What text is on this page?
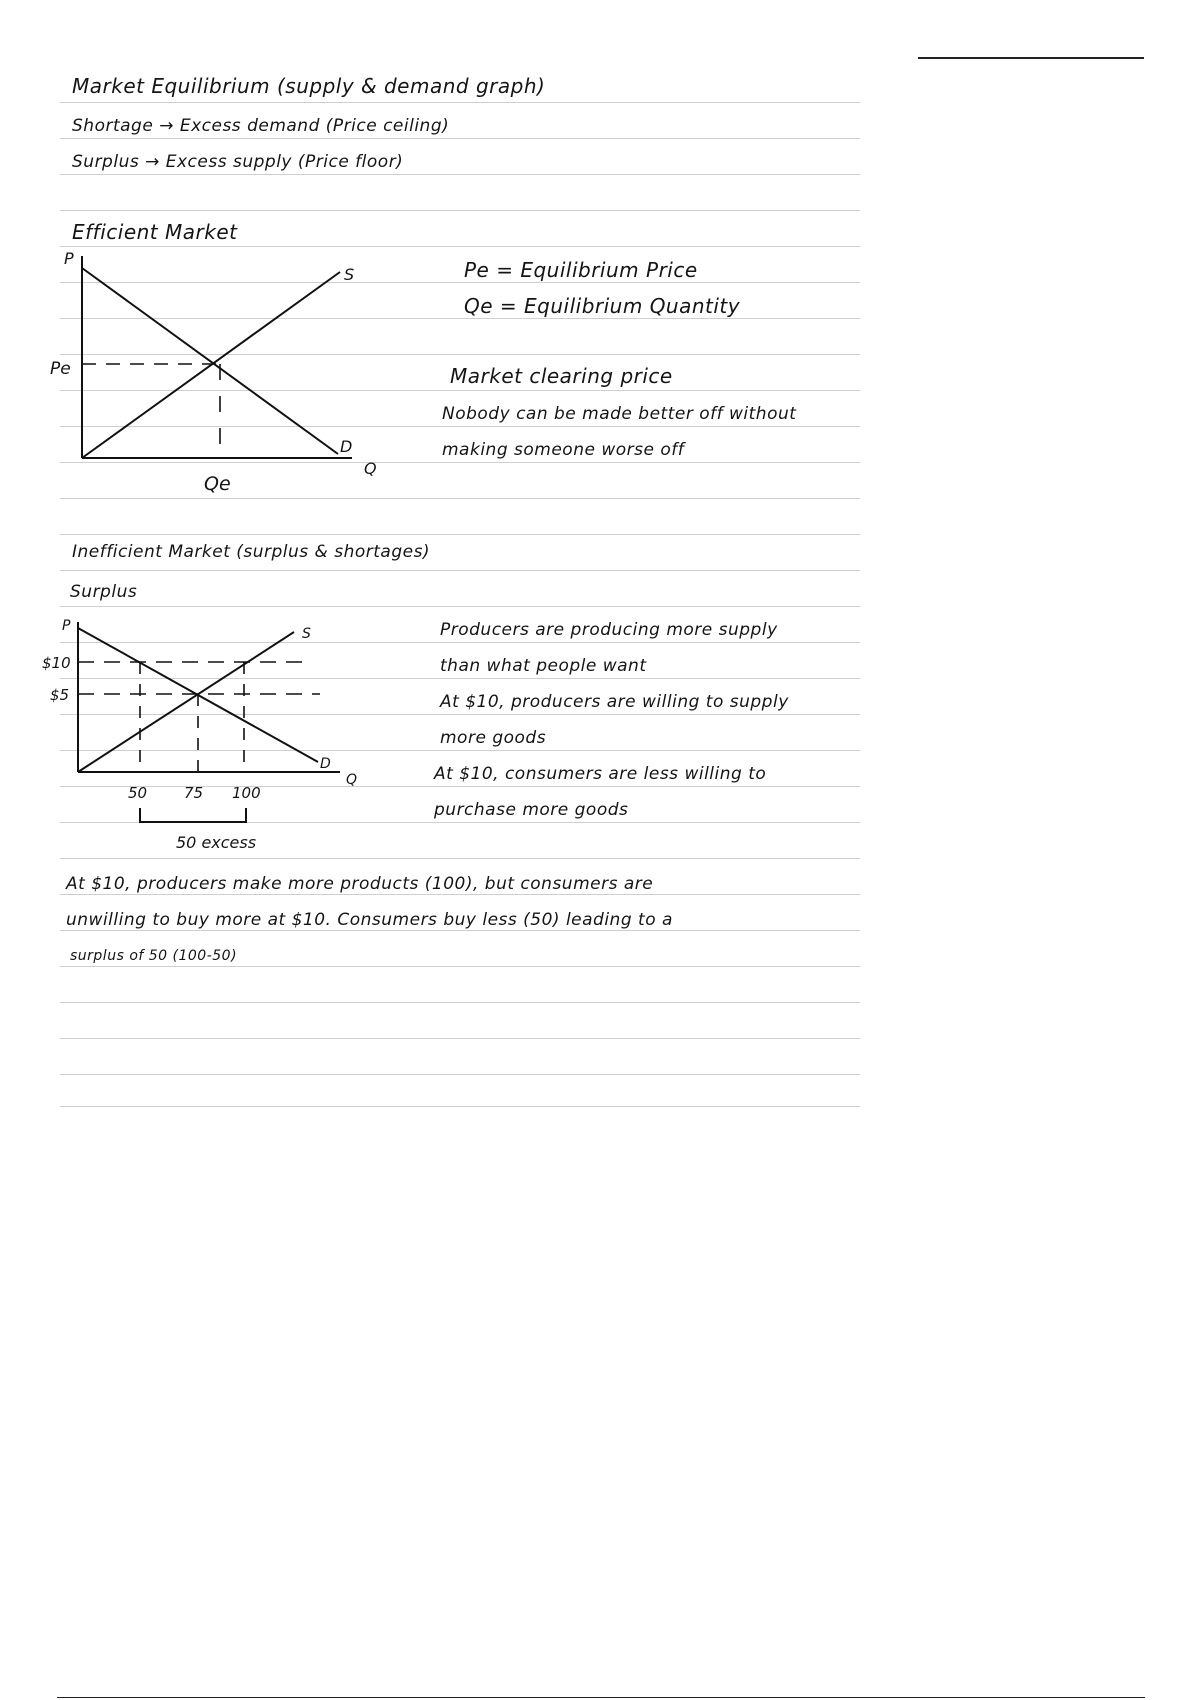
Market Equilibrium (supply & demand graph)
Shortage → Excess demand (Price ceiling)
Surplus → Excess supply (Price floor)
Efficient Market
P
Q
S
D
Pe
Qe
Pe = Equilibrium Price
Qe = Equilibrium Quantity
Market clearing price
Nobody can be made better off without
making someone worse off
Inefficient Market (surplus & shortages)
Surplus
P
Q
S
D
$10
$5
50 75 100
50 excess
Producers are producing more supply
than what people want
At $10, producers are willing to supply
more goods
At $10, consumers are less willing to
purchase more goods
At $10, producers make more products (100), but consumers are
unwilling to buy more at $10. Consumers buy less (50) leading to a
surplus of 50 (100-50)
